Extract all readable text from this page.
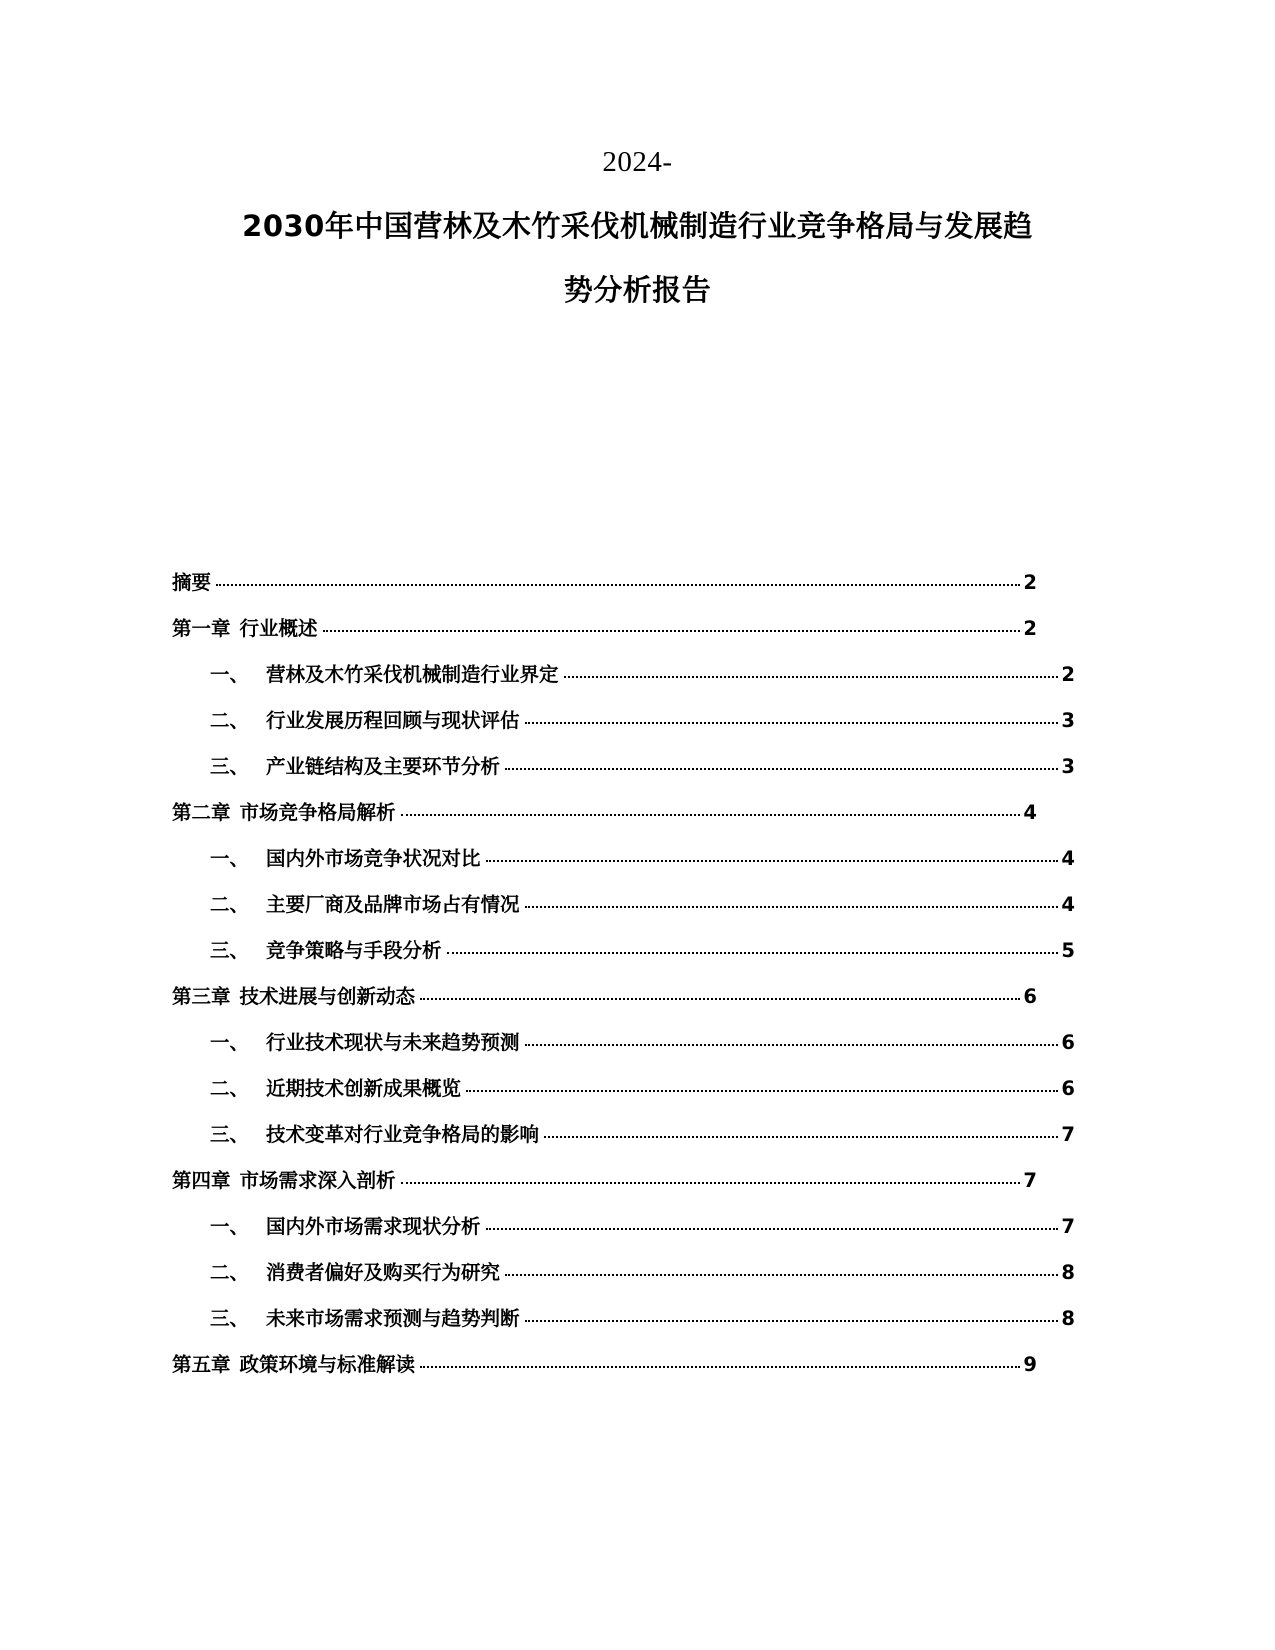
2024-
2030年中国营林及木竹采伐机械制造行业竞争格局与发展趋
势分析报告
摘要	2
第一章 行业概述	2
一、 营林及木竹采伐机械制造行业界定	2
二、 行业发展历程回顾与现状评估	3
三、 产业链结构及主要环节分析	3
第二章 市场竞争格局解析	4
一、 国内外市场竞争状况对比	4
二、 主要厂商及品牌市场占有情况	4
三、 竞争策略与手段分析	5
第三章 技术进展与创新动态	6
一、 行业技术现状与未来趋势预测	6
二、 近期技术创新成果概览	6
三、 技术变革对行业竞争格局的影响	7
第四章 市场需求深入剖析	7
一、 国内外市场需求现状分析	7
二、 消费者偏好及购买行为研究	8
三、 未来市场需求预测与趋势判断	8
第五章 政策环境与标准解读	9
